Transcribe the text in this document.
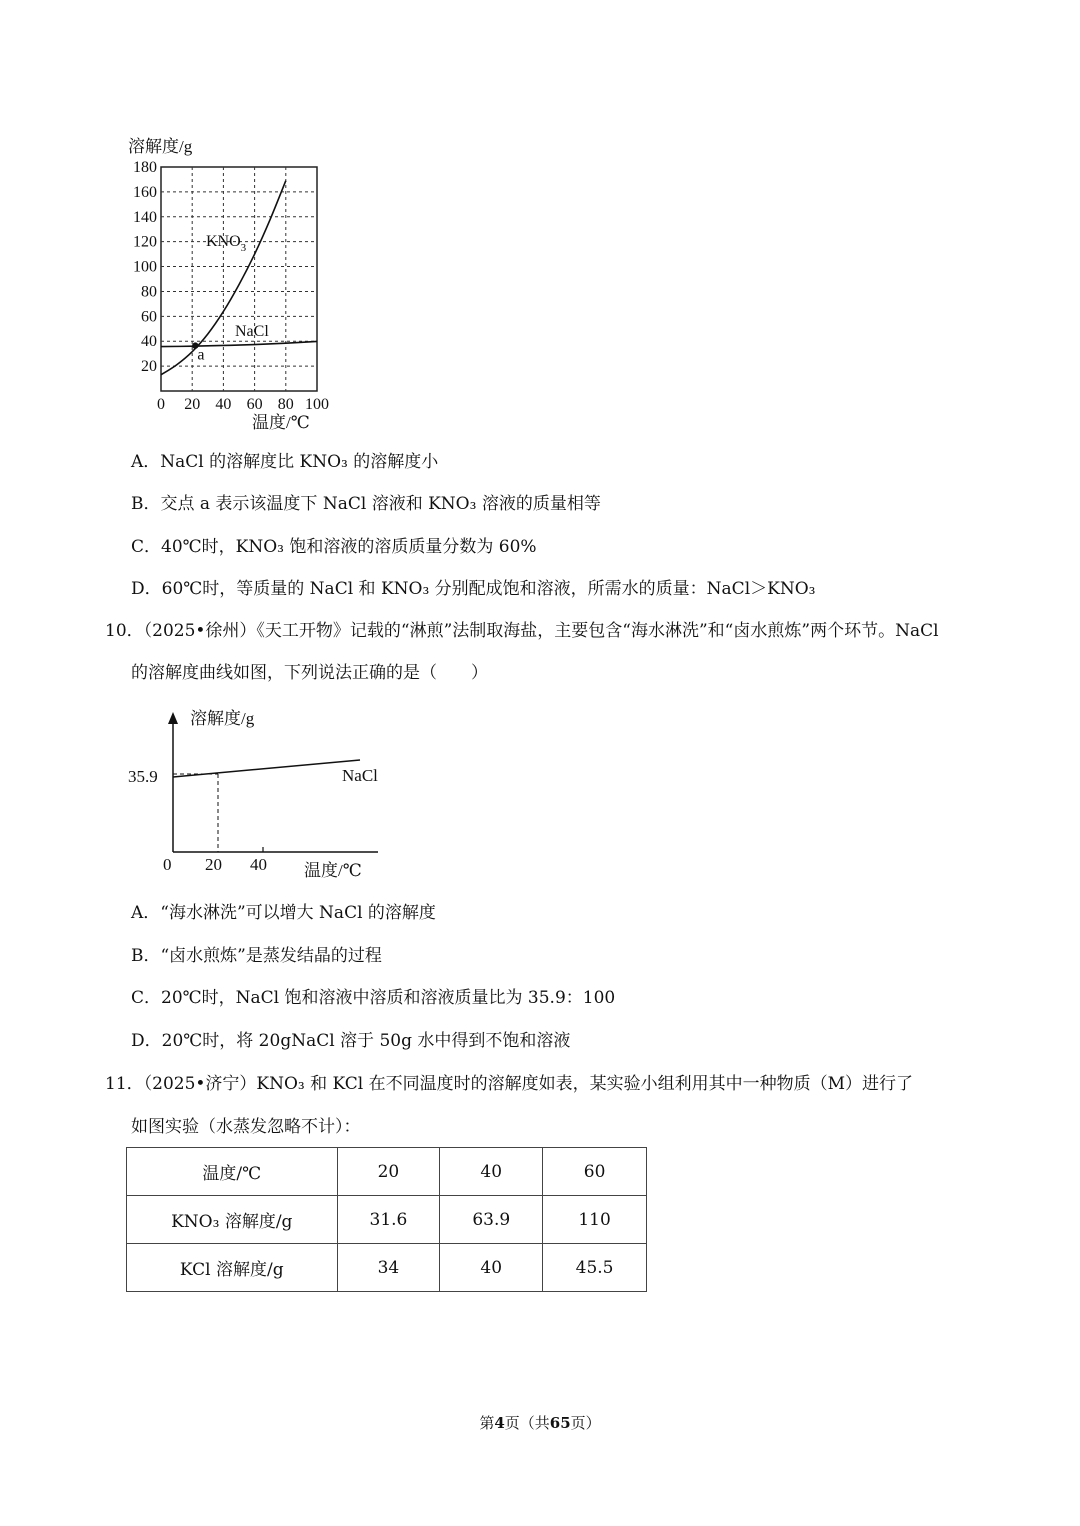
溶解度/g
20
40
60
80
100
120
140
160
180
0 20 40 60 80 100
a
$KNO_3$
NaCl
温度/℃
A．NaCl 的溶解度比 KNO₃ 的溶解度小
B．交点 a 表示该温度下 NaCl 溶液和 KNO₃ 溶液的质量相等
C．40℃时，KNO₃ 饱和溶液的溶质质量分数为 60%
D．60℃时，等质量的 NaCl 和 KNO₃ 分别配成饱和溶液，所需水的质量：NaCl＞KNO₃
10．（2025•徐州）《天工开物》记载的“淋煎”法制取海盐，主要包含“海水淋洗”和“卤水煎炼”两个环节。NaCl
的溶解度曲线如图，下列说法正确的是（　　）
溶解度/g
NaCl
35.9
0 20 40 温度/℃
A．“海水淋洗”可以增大 NaCl 的溶解度
B．“卤水煎炼”是蒸发结晶的过程
C．20℃时，NaCl 饱和溶液中溶质和溶液质量比为 35.9：100
D．20℃时，将 20gNaCl 溶于 50g 水中得到不饱和溶液
11．（2025•济宁）KNO₃ 和 KCl 在不同温度时的溶解度如表，某实验小组利用其中一种物质（M）进行了
如图实验（水蒸发忽略不计）：
温度/℃	20	40	60
KNO₃ 溶解度/g	31.6	63.9	110
KCl 溶解度/g	34	40	45.5
第4页（共65页）
